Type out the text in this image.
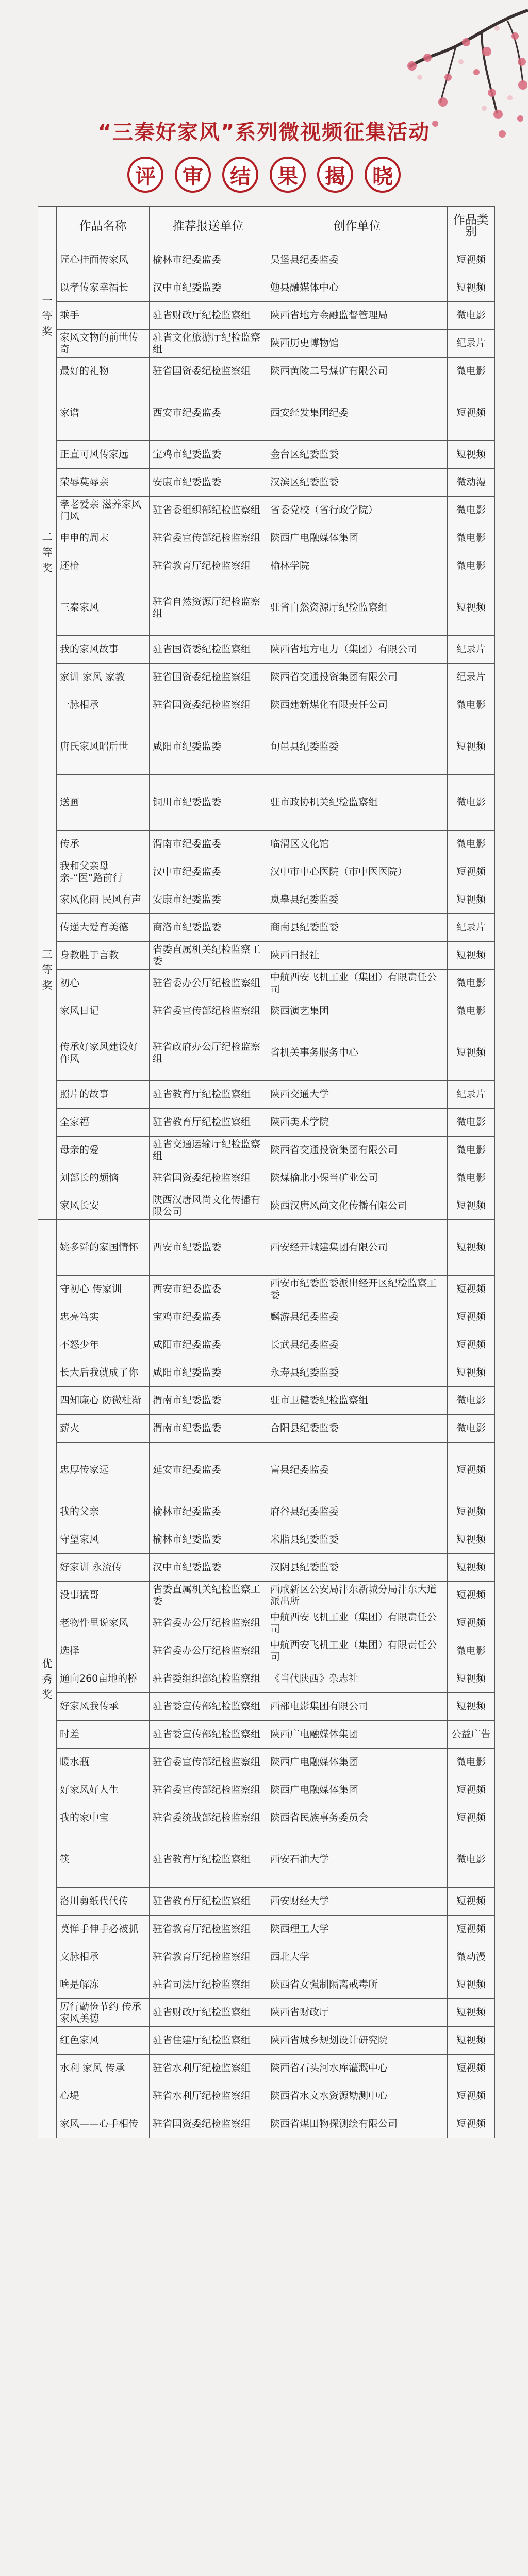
“三秦好家风”系列微视频征集活动
评	审	结	果	揭	晓
	作品名称	推荐报送单位	创作单位	作品类别
一等奖	匠心挂面传家风	榆林市纪委监委	吴堡县纪委监委	短视频
	以孝传家幸福长	汉中市纪委监委	勉县融媒体中心	短视频
	乘手	驻省财政厅纪检监察组	陕西省地方金融监督管理局	微电影
	家风文物的前世传奇	驻省文化旅游厅纪检监察组	陕西历史博物馆	纪录片
	最好的礼物	驻省国资委纪检监察组	陕西黄陵二号煤矿有限公司	微电影
二等奖	家谱	西安市纪委监委	西安经发集团纪委	短视频
	正直可风传家远	宝鸡市纪委监委	金台区纪委监委	短视频
	荣辱莫辱亲	安康市纪委监委	汉滨区纪委监委	微动漫
	孝老爱亲 滋养家风门风	驻省委组织部纪检监察组	省委党校（省行政学院）	微电影
	申申的周末	驻省委宣传部纪检监察组	陕西广电融媒体集团	微电影
	还枪	驻省教育厅纪检监察组	榆林学院	微电影
	三秦家风	驻省自然资源厅纪检监察组	驻省自然资源厅纪检监察组	短视频
	我的家风故事	驻省国资委纪检监察组	陕西省地方电力（集团）有限公司	纪录片
	家训 家风 家教	驻省国资委纪检监察组	陕西省交通投资集团有限公司	纪录片
	一脉相承	驻省国资委纪检监察组	陕西建新煤化有限责任公司	微电影
三等奖	唐氏家风昭后世	咸阳市纪委监委	旬邑县纪委监委	短视频
	送画	铜川市纪委监委	驻市政协机关纪检监察组	微电影
	传承	渭南市纪委监委	临渭区文化馆	微电影
	我和父亲母亲-“医”路前行	汉中市纪委监委	汉中市中心医院（市中医医院）	短视频
	家风化雨 民风有声	安康市纪委监委	岚皋县纪委监委	短视频
	传递大爱育美德	商洛市纪委监委	商南县纪委监委	纪录片
	身教胜于言教	省委直属机关纪检监察工委	陕西日报社	短视频
	初心	驻省委办公厅纪检监察组	中航西安飞机工业（集团）有限责任公司	微电影
	家风日记	驻省委宣传部纪检监察组	陕西演艺集团	微电影
	传承好家风建设好作风	驻省政府办公厅纪检监察组	省机关事务服务中心	短视频
	照片的故事	驻省教育厅纪检监察组	陕西交通大学	纪录片
	全家福	驻省教育厅纪检监察组	陕西美术学院	微电影
	母亲的爱	驻省交通运输厅纪检监察组	陕西省交通投资集团有限公司	微电影
	刘部长的烦恼	驻省国资委纪检监察组	陕煤榆北小保当矿业公司	微电影
	家风长安	陕西汉唐风尚文化传播有限公司	陕西汉唐风尚文化传播有限公司	短视频
优秀奖	姚多舜的家国情怀	西安市纪委监委	西安经开城建集团有限公司	短视频
	守初心 传家训	西安市纪委监委	西安市纪委监委派出经开区纪检监察工委	短视频
	忠亮笃实	宝鸡市纪委监委	麟游县纪委监委	短视频
	不怒少年	咸阳市纪委监委	长武县纪委监委	短视频
	长大后我就成了你	咸阳市纪委监委	永寿县纪委监委	短视频
	四知廉心 防微杜渐	渭南市纪委监委	驻市卫健委纪检监察组	微电影
	薪火	渭南市纪委监委	合阳县纪委监委	微电影
	忠厚传家远	延安市纪委监委	富县纪委监委	短视频
	我的父亲	榆林市纪委监委	府谷县纪委监委	短视频
	守望家风	榆林市纪委监委	米脂县纪委监委	短视频
	好家训 永流传	汉中市纪委监委	汉阴县纪委监委	短视频
	没事猛哥	省委直属机关纪检监察工委	西咸新区公安局沣东新城分局沣东大道派出所	短视频
	老物件里说家风	驻省委办公厅纪检监察组	中航西安飞机工业（集团）有限责任公司	短视频
	选择	驻省委办公厅纪检监察组	中航西安飞机工业（集团）有限责任公司	微电影
	通向260亩地的桥	驻省委组织部纪检监察组	《当代陕西》杂志社	短视频
	好家风我传承	驻省委宣传部纪检监察组	西部电影集团有限公司	短视频
	时差	驻省委宣传部纪检监察组	陕西广电融媒体集团	公益广告
	暖水瓶	驻省委宣传部纪检监察组	陕西广电融媒体集团	微电影
	好家风好人生	驻省委宣传部纪检监察组	陕西广电融媒体集团	短视频
	我的家中宝	驻省委统战部纪检监察组	陕西省民族事务委员会	短视频
	筷	驻省教育厅纪检监察组	西安石油大学	微电影
	洛川剪纸代代传	驻省教育厅纪检监察组	西安财经大学	短视频
	莫惮手伸手必被抓	驻省教育厅纪检监察组	陕西理工大学	短视频
	文脉相承	驻省教育厅纪检监察组	西北大学	微动漫
	啥是解冻	驻省司法厅纪检监察组	陕西省女强制隔离戒毒所	短视频
	厉行勤俭节约 传承家风美德	驻省财政厅纪检监察组	陕西省财政厅	短视频
	红色家风	驻省住建厅纪检监察组	陕西省城乡规划设计研究院	短视频
	水利 家风 传承	驻省水利厅纪检监察组	陕西省石头河水库灌溉中心	短视频
	心堤	驻省水利厅纪检监察组	陕西省水文水资源勘测中心	短视频
	家风——心手相传	驻省国资委纪检监察组	陕西省煤田物探测绘有限公司	短视频
